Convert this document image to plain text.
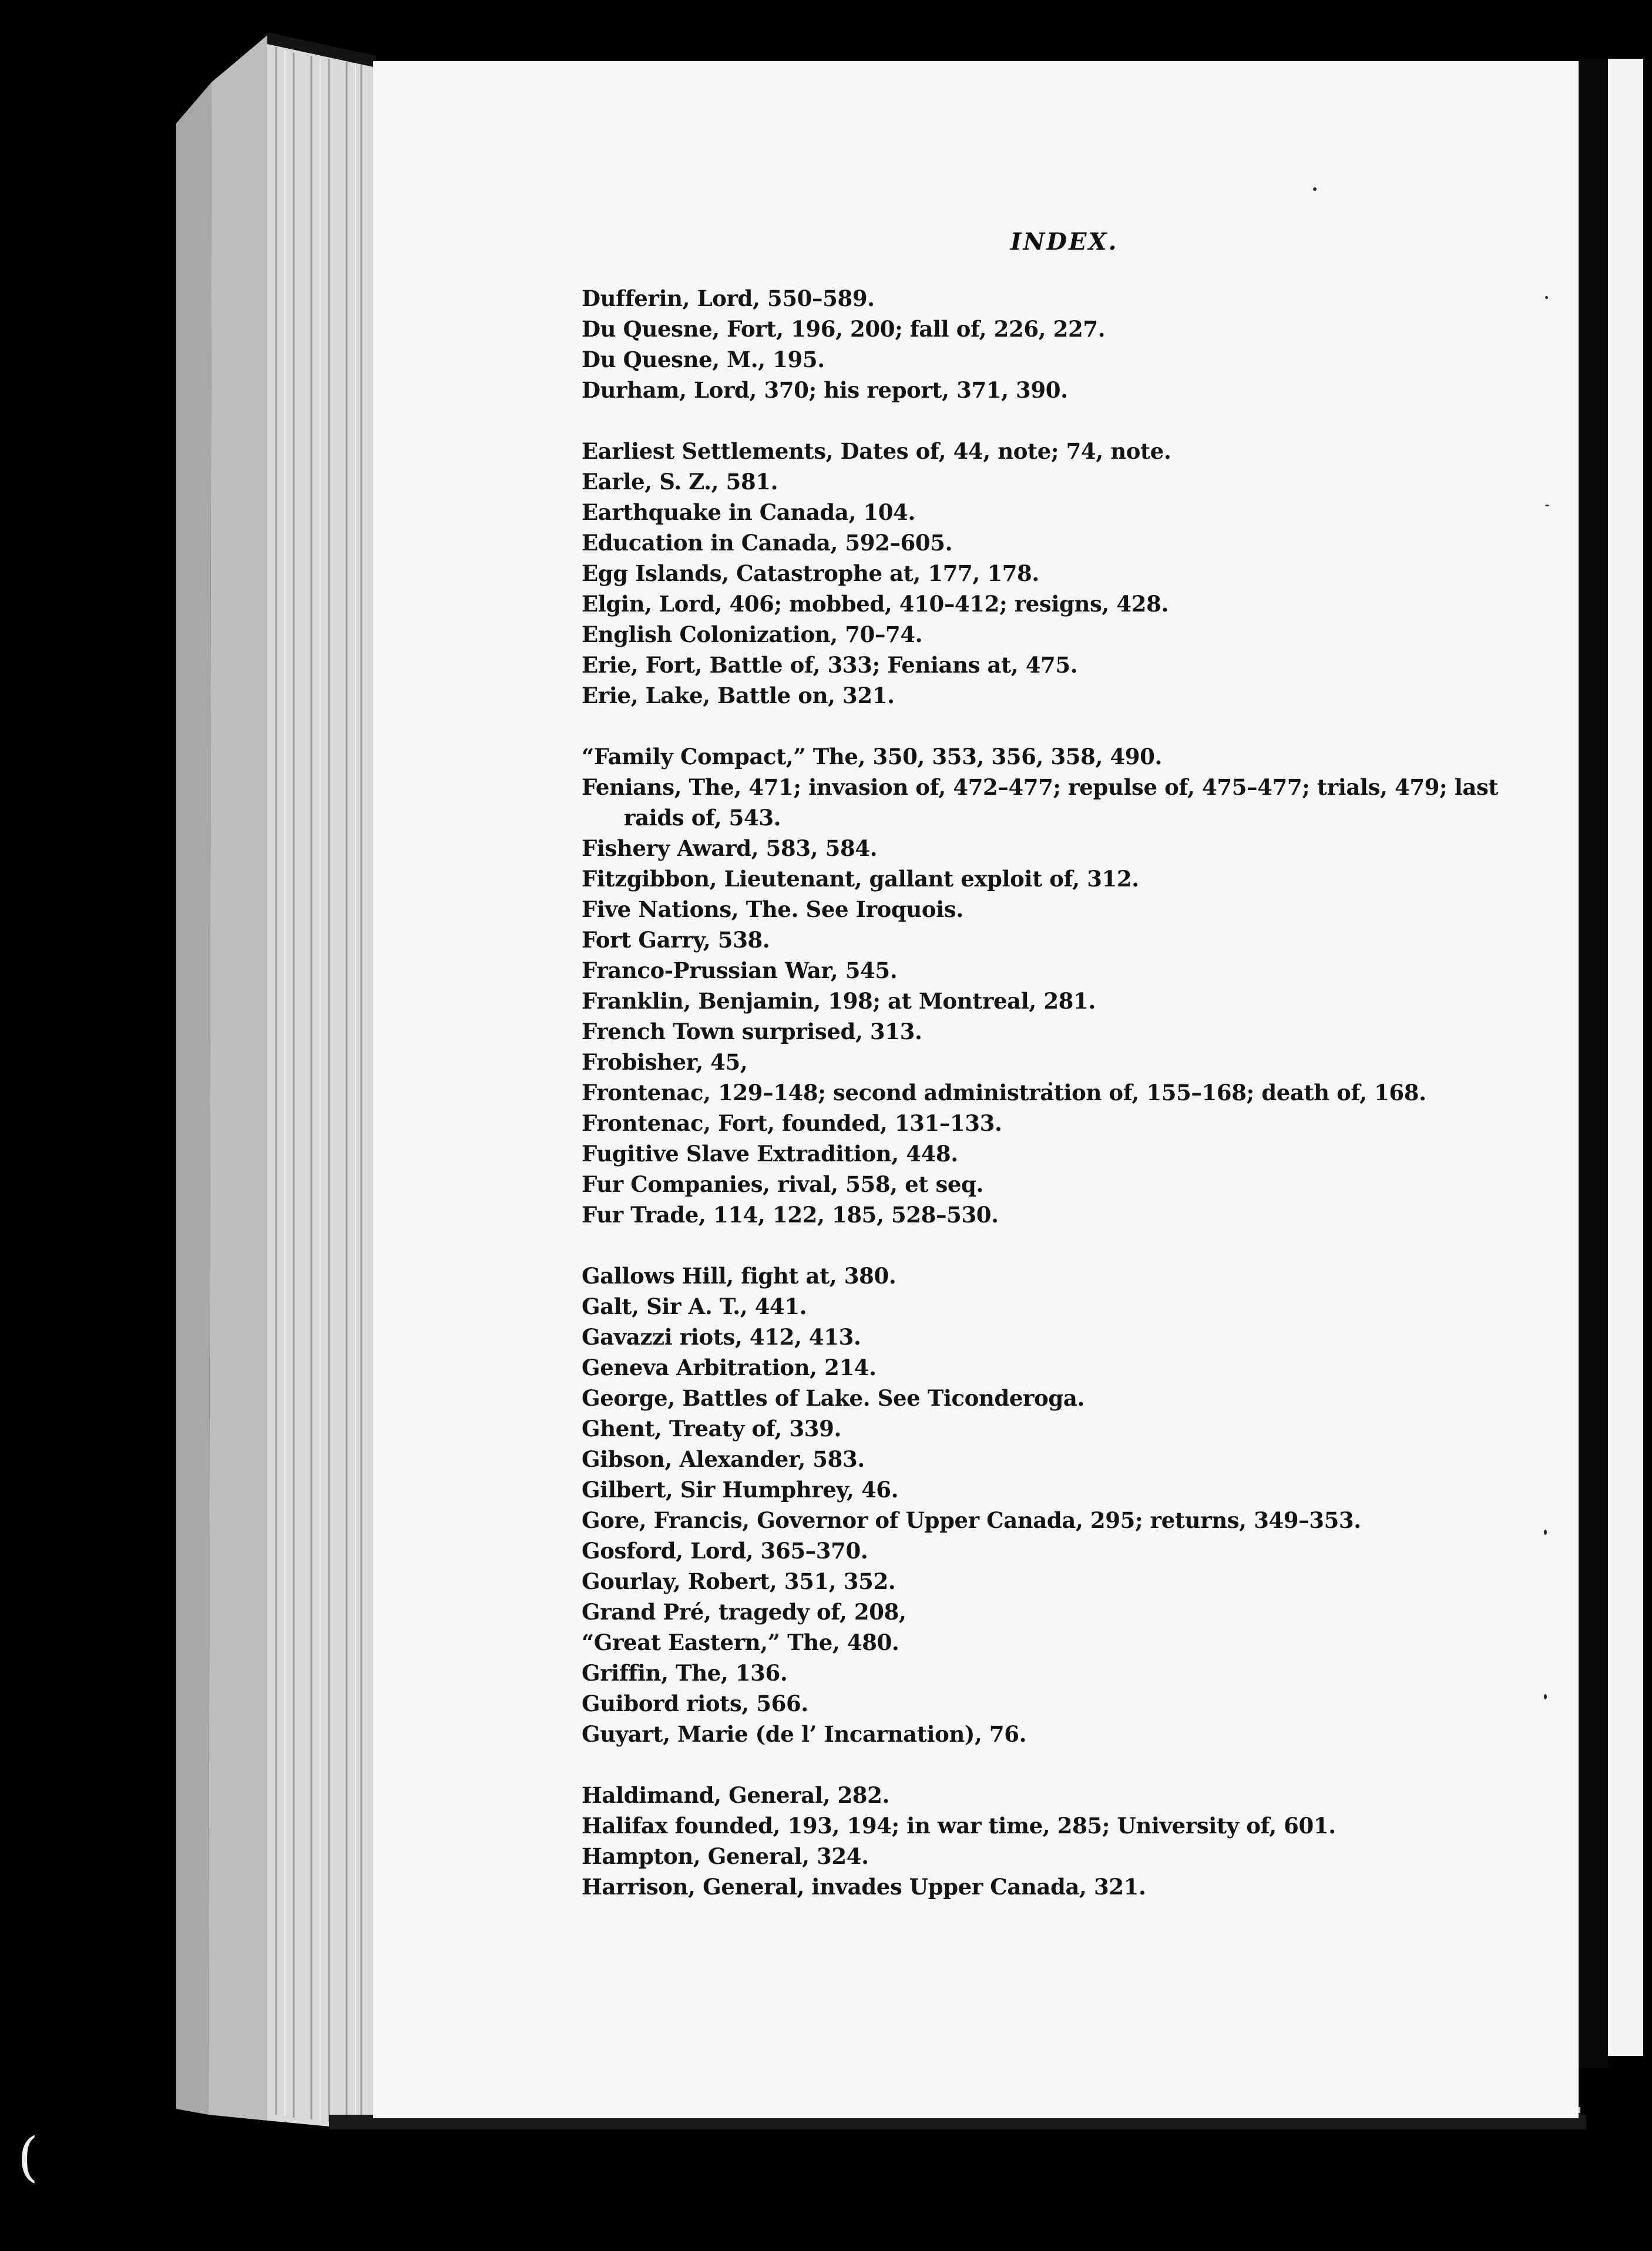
INDEX.
Dufferin, Lord, 550–589.
Du Quesne, Fort, 196, 200; fall of, 226, 227.
Du Quesne, M., 195.
Durham, Lord, 370; his report, 371, 390.
Earliest Settlements, Dates of, 44, note; 74, note.
Earle, S. Z., 581.
Earthquake in Canada, 104.
Education in Canada, 592–605.
Egg Islands, Catastrophe at, 177, 178.
Elgin, Lord, 406; mobbed, 410–412; resigns, 428.
English Colonization, 70–74.
Erie, Fort, Battle of, 333; Fenians at, 475.
Erie, Lake, Battle on, 321.
“Family Compact,” The, 350, 353, 356, 358, 490.
Fenians, The, 471; invasion of, 472–477; repulse of, 475–477; trials, 479; last raids of, 543.
Fishery Award, 583, 584.
Fitzgibbon, Lieutenant, gallant exploit of, 312.
Five Nations, The. See Iroquois.
Fort Garry, 538.
Franco-Prussian War, 545.
Franklin, Benjamin, 198; at Montreal, 281.
French Town surprised, 313.
Frobisher, 45,
Frontenac, 129–148; second administration of, 155–168; death of, 168.
Frontenac, Fort, founded, 131–133.
Fugitive Slave Extradition, 448.
Fur Companies, rival, 558, et seq.
Fur Trade, 114, 122, 185, 528–530.
Gallows Hill, fight at, 380.
Galt, Sir A. T., 441.
Gavazzi riots, 412, 413.
Geneva Arbitration, 214.
George, Battles of Lake. See Ticonderoga.
Ghent, Treaty of, 339.
Gibson, Alexander, 583.
Gilbert, Sir Humphrey, 46.
Gore, Francis, Governor of Upper Canada, 295; returns, 349–353.
Gosford, Lord, 365–370.
Gourlay, Robert, 351, 352.
Grand Pré, tragedy of, 208,
“Great Eastern,” The, 480.
Griffin, The, 136.
Guibord riots, 566.
Guyart, Marie (de l’ Incarnation), 76.
Haldimand, General, 282.
Halifax founded, 193, 194; in war time, 285; University of, 601.
Hampton, General, 324.
Harrison, General, invades Upper Canada, 321.
(
